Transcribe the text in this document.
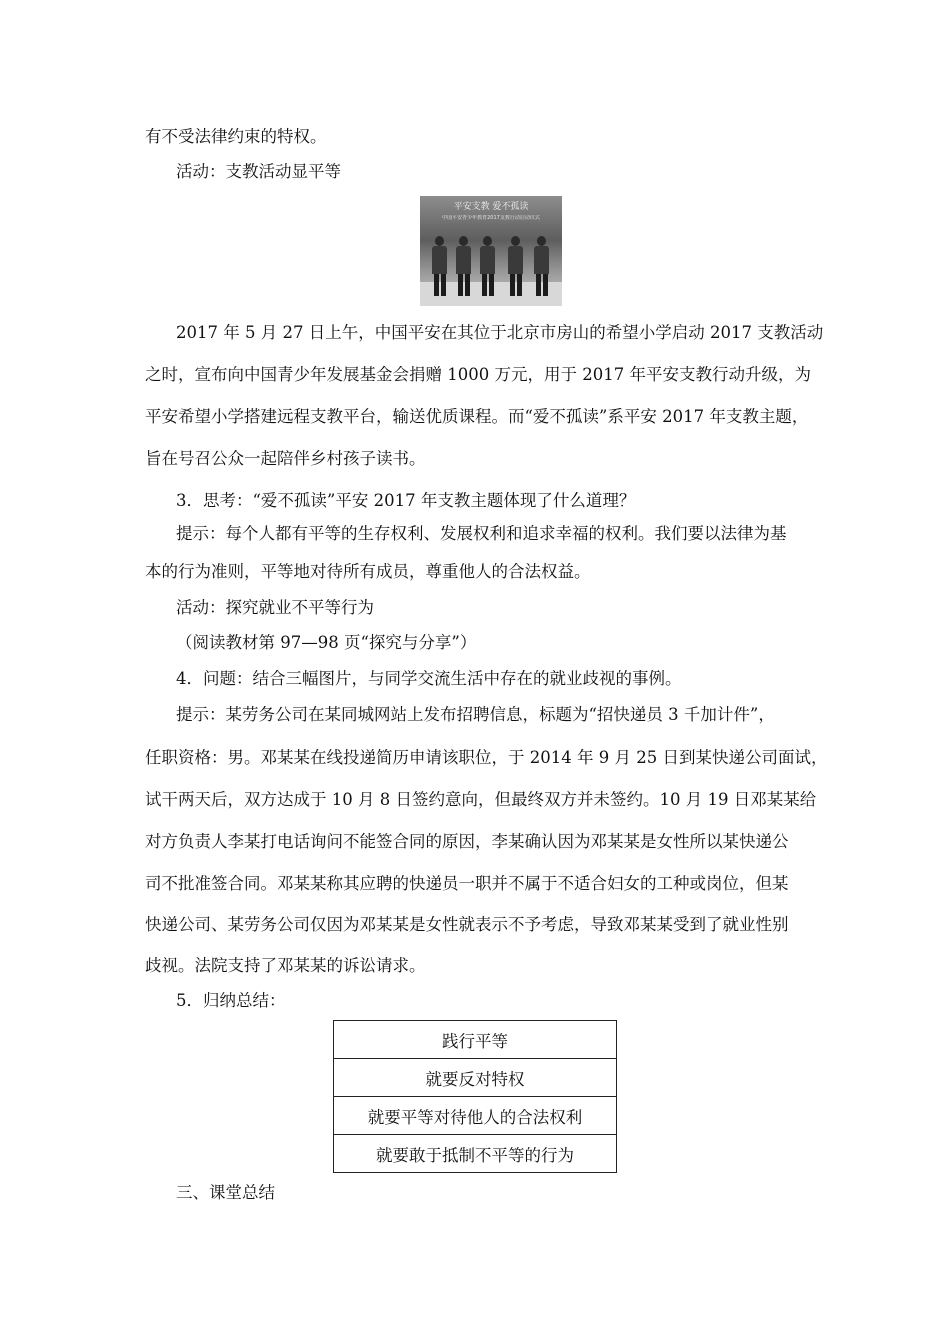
有不受法律约束的特权。
活动：支教活动显平等
平安支教 爱不孤读
中国平安青少年教育2017支教行动启动仪式
2017 年 5 月 27 日上午，中国平安在其位于北京市房山的希望小学启动 2017 支教活动
之时，宣布向中国青少年发展基金会捐赠 1000 万元，用于 2017 年平安支教行动升级，为
平安希望小学搭建远程支教平台，输送优质课程。而“爱不孤读”系平安 2017 年支教主题，
旨在号召公众一起陪伴乡村孩子读书。
3．思考：“爱不孤读”平安 2017 年支教主题体现了什么道理？
提示：每个人都有平等的生存权利、发展权利和追求幸福的权利。我们要以法律为基
本的行为准则，平等地对待所有成员，尊重他人的合法权益。
活动：探究就业不平等行为
（阅读教材第 97—98 页“探究与分享”）
4．问题：结合三幅图片，与同学交流生活中存在的就业歧视的事例。
提示：某劳务公司在某同城网站上发布招聘信息，标题为“招快递员 3 千加计件”，
任职资格：男。邓某某在线投递简历申请该职位，于 2014 年 9 月 25 日到某快递公司面试，
试干两天后，双方达成于 10 月 8 日签约意向，但最终双方并未签约。10 月 19 日邓某某给
对方负责人李某打电话询问不能签合同的原因，李某确认因为邓某某是女性所以某快递公
司不批准签合同。邓某某称其应聘的快递员一职并不属于不适合妇女的工种或岗位，但某
快递公司、某劳务公司仅因为邓某某是女性就表示不予考虑，导致邓某某受到了就业性别
歧视。法院支持了邓某某的诉讼请求。
5．归纳总结：
践行平等
就要反对特权
就要平等对待他人的合法权利
就要敢于抵制不平等的行为
三、课堂总结
